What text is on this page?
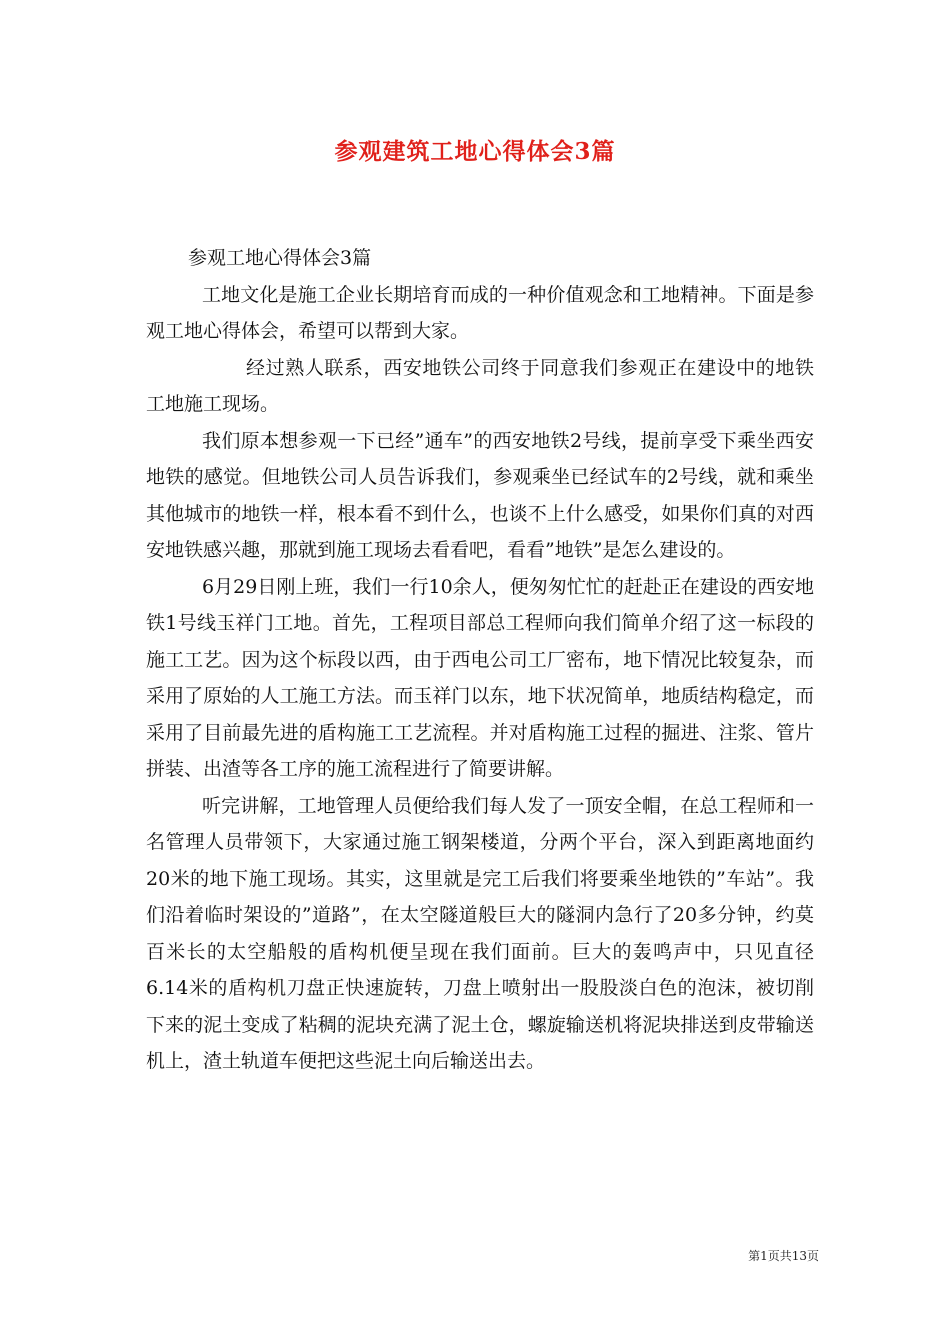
参观建筑工地心得体会3篇

参观工地心得体会3篇

工地文化是施工企业长期培育而成的一种价值观念和工地精神。下面是参观工地心得体会，希望可以帮到大家。

经过熟人联系，西安地铁公司终于同意我们参观正在建设中的地铁工地施工现场。

我们原本想参观一下已经”通车”的西安地铁2号线，提前享受下乘坐西安地铁的感觉。但地铁公司人员告诉我们，参观乘坐已经试车的2号线，就和乘坐其他城市的地铁一样，根本看不到什么，也谈不上什么感受，如果你们真的对西安地铁感兴趣，那就到施工现场去看看吧，看看”地铁”是怎么建设的。

6月29日刚上班，我们一行10余人，便匆匆忙忙的赶赴正在建设的西安地铁1号线玉祥门工地。首先，工程项目部总工程师向我们简单介绍了这一标段的施工工艺。因为这个标段以西，由于西电公司工厂密布，地下情况比较复杂，而采用了原始的人工施工方法。而玉祥门以东，地下状况简单，地质结构稳定，而采用了目前最先进的盾构施工工艺流程。并对盾构施工过程的掘进、注浆、管片拼装、出渣等各工序的施工流程进行了简要讲解。

听完讲解，工地管理人员便给我们每人发了一顶安全帽，在总工程师和一名管理人员带领下，大家通过施工钢架楼道，分两个平台，深入到距离地面约20米的地下施工现场。其实，这里就是完工后我们将要乘坐地铁的”车站”。我们沿着临时架设的”道路”，在太空隧道般巨大的隧洞内急行了20多分钟，约莫百米长的太空船般的盾构机便呈现在我们面前。巨大的轰鸣声中，只见直径6.14米的盾构机刀盘正快速旋转，刀盘上喷射出一股股淡白色的泡沫，被切削下来的泥土变成了粘稠的泥块充满了泥土仓，螺旋输送机将泥块排送到皮带输送机上，渣土轨道车便把这些泥土向后输送出去。

第1页共13页
